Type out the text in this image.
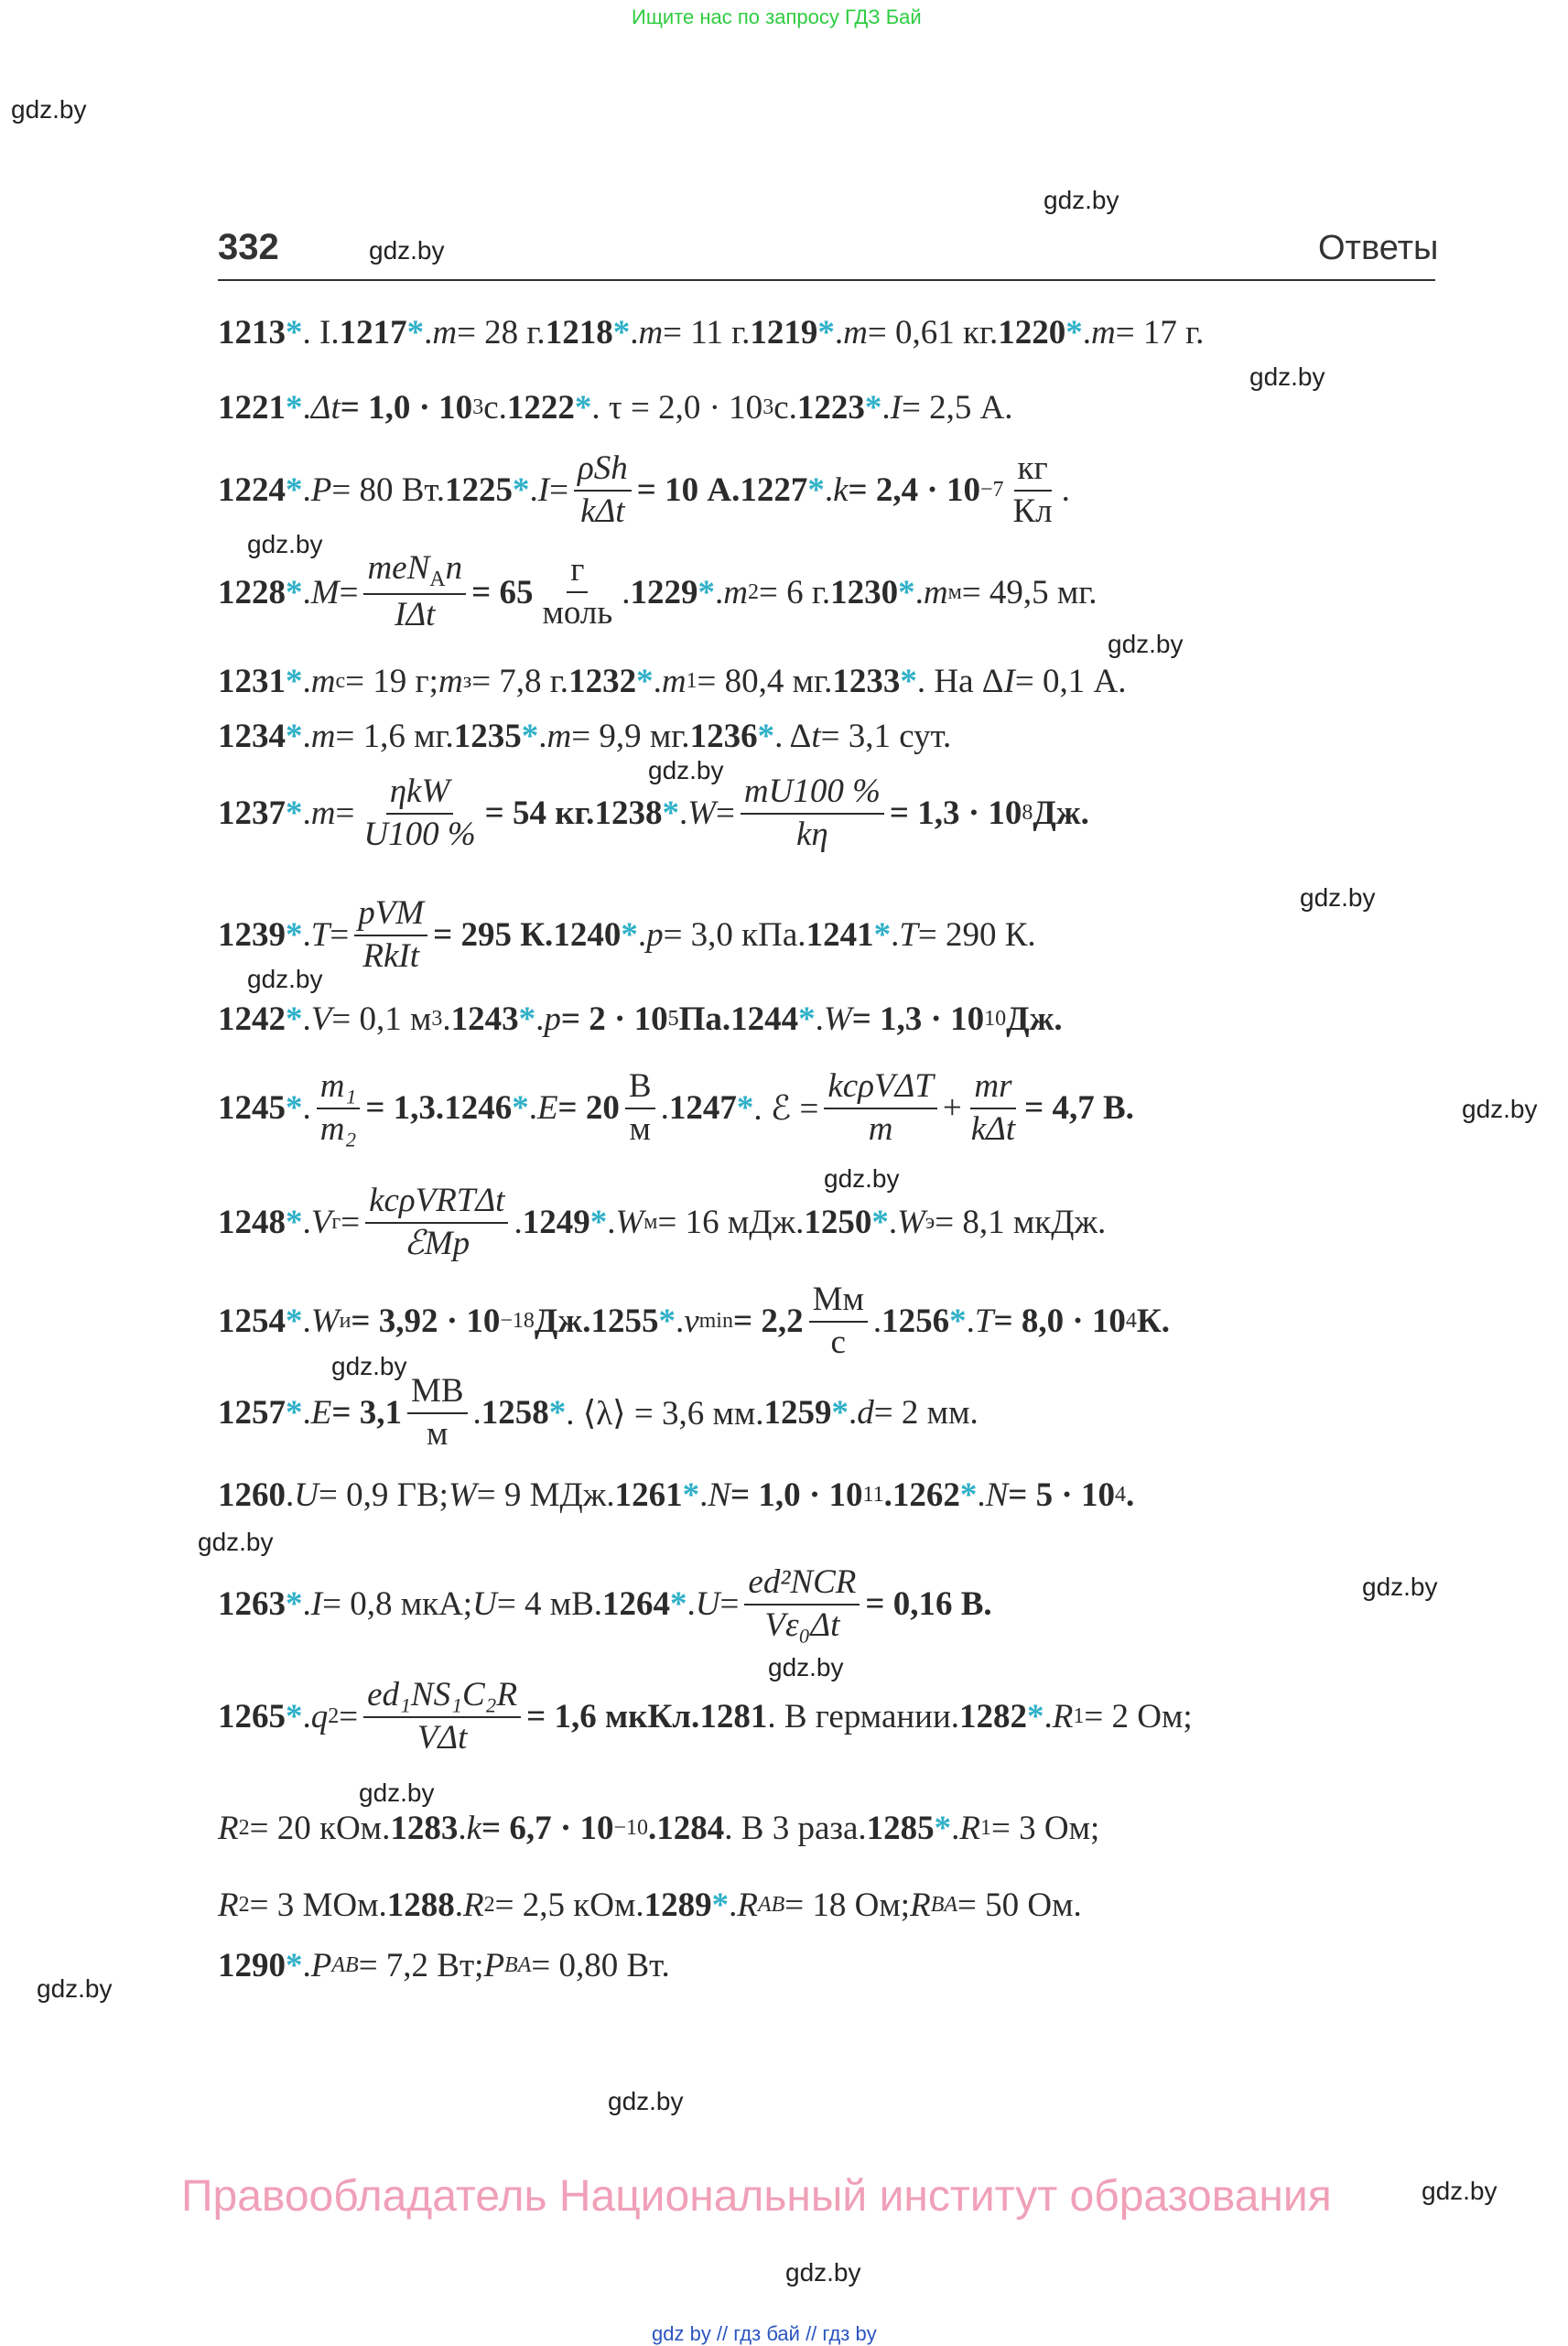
Ищите нас по запросу ГДЗ Бай
gdz.by
gdz.by
gdz.by
gdz.by
gdz.by
gdz.by
gdz.by
gdz.by
gdz.by
gdz.by
gdz.by
gdz.by
gdz.by
gdz.by
gdz.by
gdz.by
gdz.by
gdz.by
gdz.by
gdz.by
332	Ответы
1213 * . I. 1217 * . m = 28 г. 1218 * . m = 11 г. 1219 * . m = 0,61 кг. 1220 * . m = 17 г.
1221 * . Δt = 1,0 · 10 3 с. 1222 * . τ = 2,0 · 10 3 с. 1223 * . I = 2,5 А.
1224 * . P = 80 Вт. 1225 * . $I = \frac{\text{ρSh}}{\text{kΔt}} = 10$ А. 1227 * . $k = 2,4 \cdot 10 -7 \frac{кг}{Кл}$ .
1228 * . $M = \frac{meN_An}{\text{IΔt}} = 65 \frac{г}{\text{моль}}$ . 1229 * . m 2 = 6 г. 1230 * . m м = 49,5 мг.
1231 * . m с = 19 г; m з = 7,8 г. 1232 * . m 1 = 80,4 мг. 1233 * . На Δ I = 0,1 А.
1234 * . m = 1,6 мг. 1235 * . m = 9,9 мг. 1236 * . Δ t = 3,1 сут.
1237 * . $m = \frac{\text{ηkW}}{U100 \%} = 54$ кг. 1238 * . $W = \frac{mU100 \%}{k\eta} = 1,3 \cdot 10$ 8 Дж.
1239 * . $T = \frac{\text{pVM}}{\text{RkIt}} = 295$ К. 1240 * . p = 3,0 кПа. 1241 * . T = 290 К.
1242 * . V = 0,1 м 3 . 1243 * . p = 2 · 10 5 Па. 1244 * . W = 1,3 · 10 10 Дж.
1245 * . $\frac{\text{m₁}}{\text{m₂}} = 1,3$. 1246 * . $E = 20 \frac{В}{м}$ . 1247 * . ℰ = $\frac{\text{kcρVΔT}}{m} + \frac{mr}{\text{kΔt}} = 4,7$ В.
1248 * . V $г = \frac{\text{kcρVRTΔt}}{\text{ℰMp}}$ . 1249 * . W м = 16 мДж. 1250 * . W э = 8,1 мкДж.
1254 * . W и = 3,92 · 10 −18 Дж. 1255 * . v $\min = 2,2 \frac{Мм}{с}$ . 1256 * . T = 8,0 · 10 4 К.
1257 * . $E = 3,1 \frac{МВ}{м}$ . 1258 * . ⟨λ⟩ = 3,6 мм. 1259 * . d = 2 мм.
1260 . U = 0,9 ГВ; W = 9 МДж. 1261 * . N = 1,0 · 10 11 . 1262 * . N = 5 · 10 4 .
1263 * . I = 0,8 мкА; U = 4 мВ. 1264 * . $U = \frac{\text{ed²NCR}}{\text{Vε₀Δt}} = 0,16$ В.
1265 * . q $2 = \frac{\text{ed₁NS₁C₂R}}{\text{VΔt}} = 1,6$ мкКл. 1281 . В германии. 1282 * . R 1 = 2 Ом;
R 2 = 20 кОм. 1283 . k = 6,7 · 10 −10 . 1284 . В 3 раза. 1285 * . R 1 = 3 Ом;
R 2 = 3 МОм. 1288 . R 2 = 2,5 кОм. 1289 * . R AB = 18 Ом; R BA = 50 Ом.
1290 * . P AB = 7,2 Вт; P BA = 0,80 Вт.
Правообладатель Национальный институт образования
gdz by // гдз бай // гдз by
